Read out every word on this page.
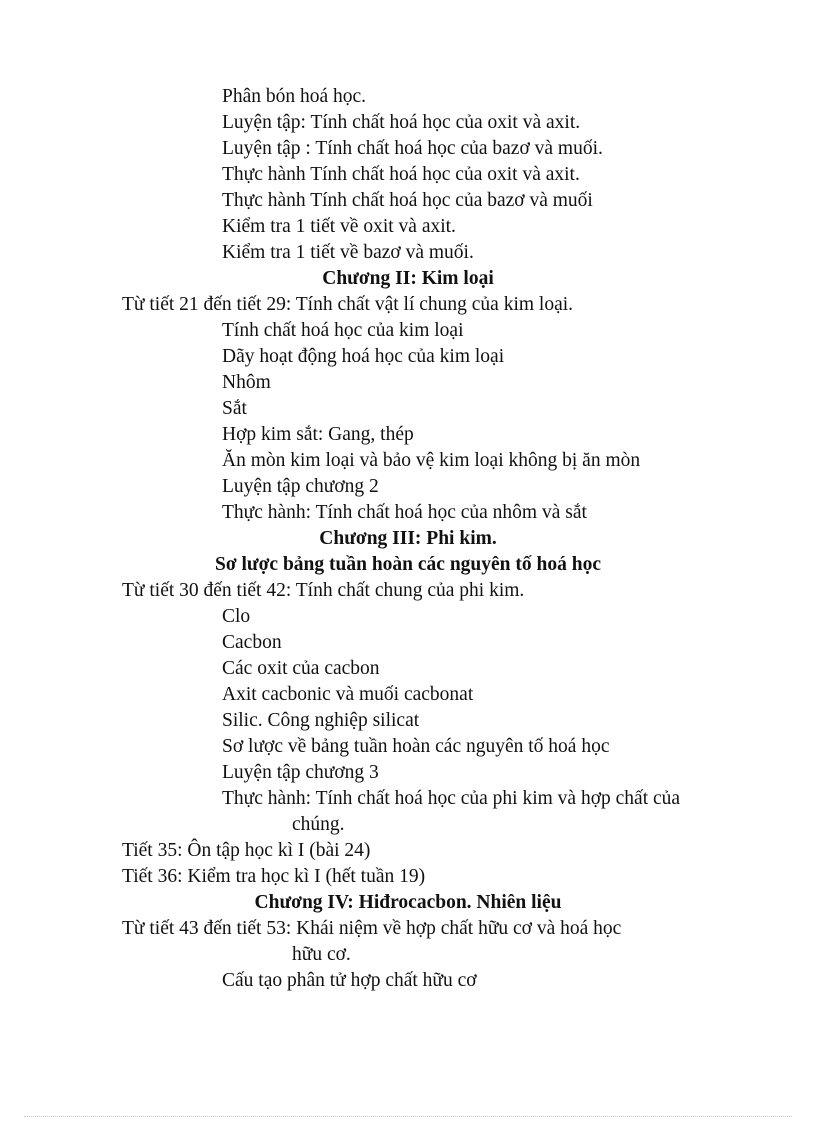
Phân bón hoá học.
Luyện tập: Tính chất hoá học của oxit và axit.
Luyện tập : Tính chất hoá học của bazơ và muối.
Thực hành Tính chất hoá học của oxit và axit.
Thực hành Tính chất hoá học của bazơ và muối
Kiểm tra 1 tiết về oxit và axit.
Kiểm tra 1 tiết về bazơ và muối.
Chương II: Kim loại
Từ tiết 21 đến tiết 29: Tính chất vật lí chung của kim loại.
Tính chất hoá học của kim loại
Dãy hoạt động hoá học của kim loại
Nhôm
Sắt
Hợp kim sắt: Gang, thép
Ăn mòn kim loại và bảo vệ kim loại không bị ăn mòn
Luyện tập chương 2
Thực hành: Tính chất hoá học của nhôm và sắt
Chương III: Phi kim.
Sơ lược bảng tuần hoàn các nguyên tố hoá học
Từ tiết 30 đến tiết 42: Tính chất chung của phi kim.
Clo
Cacbon
Các oxit của cacbon
Axit cacbonic và muối cacbonat
Silic. Công nghiệp silicat
Sơ lược về bảng tuần hoàn các nguyên tố hoá học
Luyện tập chương 3
Thực hành: Tính chất hoá học của phi kim và hợp chất của
chúng.
Tiết 35: Ôn tập học kì I (bài 24)
Tiết 36: Kiểm tra học kì I (hết tuần 19)
Chương IV: Hiđrocacbon. Nhiên liệu
Từ tiết 43 đến tiết 53: Khái niệm về hợp chất hữu cơ và hoá học
hữu cơ.
Cấu tạo phân tử hợp chất hữu cơ
